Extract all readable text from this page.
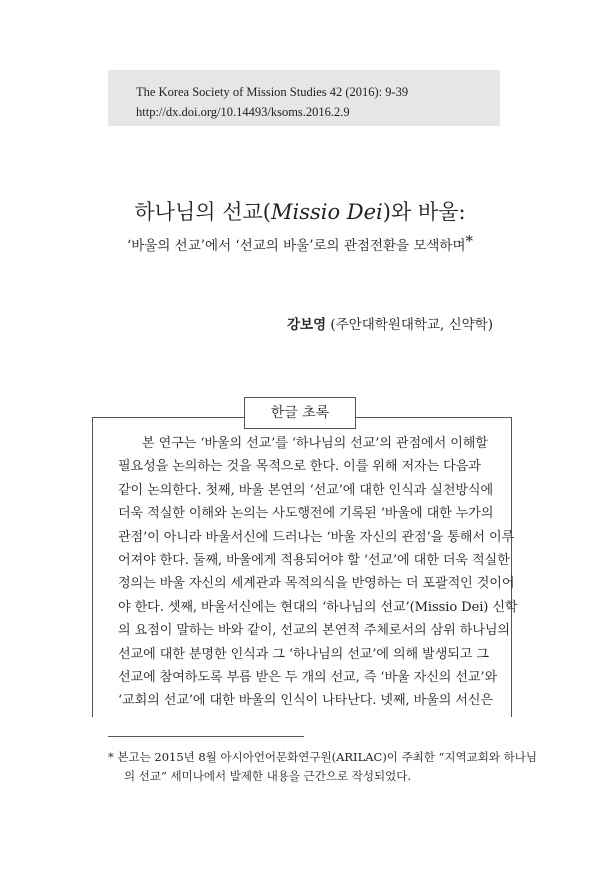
The Korea Society of Mission Studies 42 (2016): 9-39
http://dx.doi.org/10.14493/ksoms.2016.2.9
하나님의 선교(Missio Dei)와 바울:
‘바울의 선교’에서 ‘선교의 바울’로의 관점전환을 모색하며*
강보영 (주안대학원대학교, 신약학)
한글 초록
본 연구는 ‘바울의 선교’를 ‘하나님의 선교’의 관점에서 이해할
필요성을 논의하는 것을 목적으로 한다. 이를 위해 저자는 다음과
같이 논의한다. 첫째, 바울 본연의 ‘선교’에 대한 인식과 실천방식에
더욱 적실한 이해와 논의는 사도행전에 기록된 ‘바울에 대한 누가의
관점’이 아니라 바울서신에 드러나는 ‘바울 자신의 관점’을 통해서 이루
어져야 한다. 둘째, 바울에게 적용되어야 할 ‘선교’에 대한 더욱 적실한
정의는 바울 자신의 세계관과 목적의식을 반영하는 더 포괄적인 것이어
야 한다. 셋째, 바울서신에는 현대의 ‘하나님의 선교’(Missio Dei) 신학
의 요점이 말하는 바와 같이, 선교의 본연적 주체로서의 삼위 하나님의
선교에 대한 분명한 인식과 그 ‘하나님의 선교’에 의해 발생되고 그
선교에 참여하도록 부름 받은 두 개의 선교, 즉 ‘바울 자신의 선교’와
‘교회의 선교’에 대한 바울의 인식이 나타난다. 넷째, 바울의 서신은
* 본고는 2015년 8월 아시아언어문화연구원(ARILAC)이 주최한 “지역교회와 하나님
의 선교” 세미나에서 발제한 내용을 근간으로 작성되었다.
